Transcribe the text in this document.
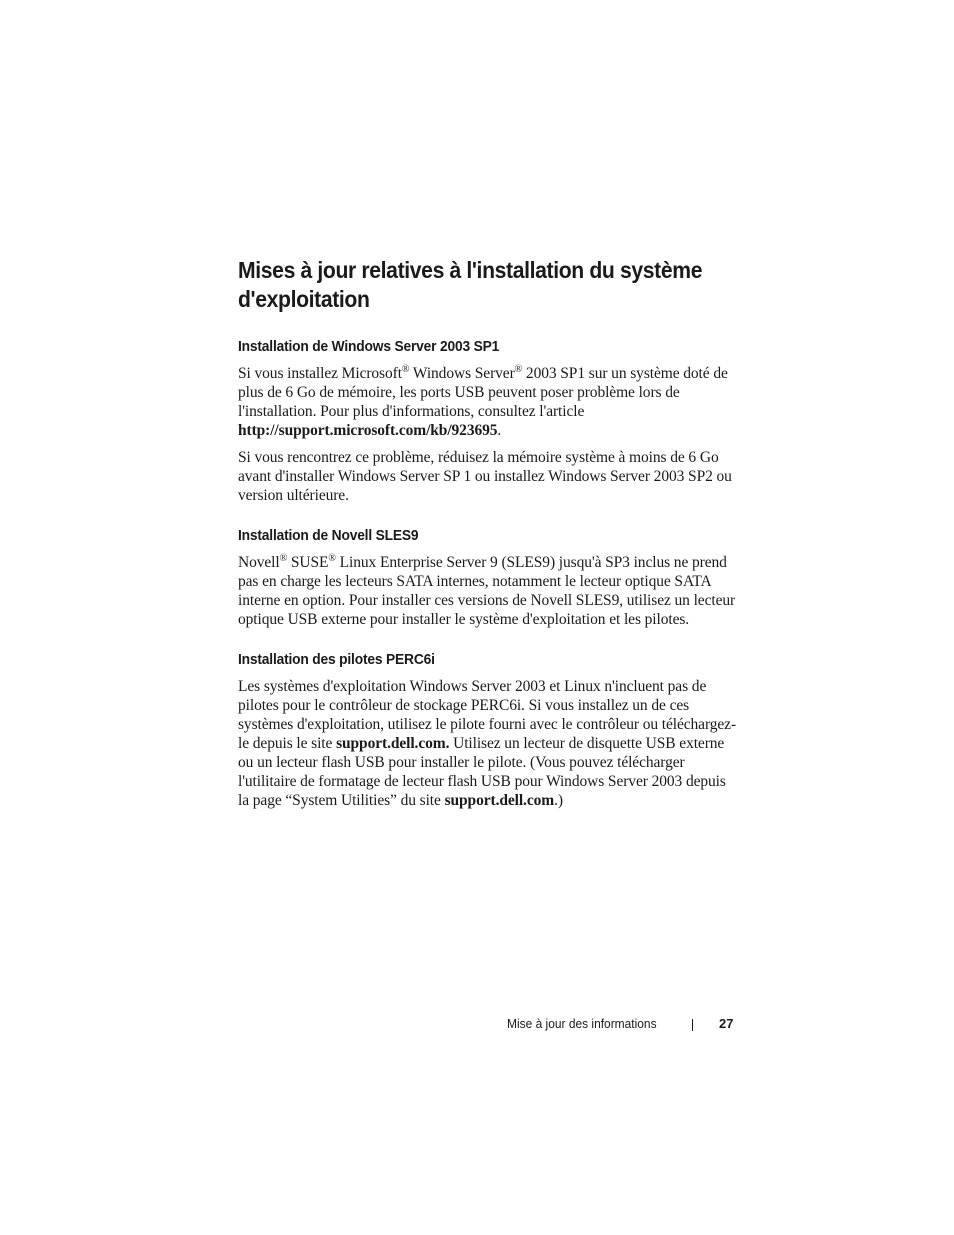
Mises à jour relatives à l'installation du système d'exploitation
Installation de Windows Server 2003 SP1

Si vous installez Microsoft® Windows Server® 2003 SP1 sur un système doté de plus de 6 Go de mémoire, les ports USB peuvent poser problème lors de l'installation. Pour plus d'informations, consultez l'article http://support.microsoft.com/kb/923695.

Si vous rencontrez ce problème, réduisez la mémoire système à moins de 6 Go avant d'installer Windows Server SP 1 ou installez Windows Server 2003 SP2 ou version ultérieure.

Installation de Novell SLES9

Novell® SUSE® Linux Enterprise Server 9 (SLES9) jusqu'à SP3 inclus ne prend pas en charge les lecteurs SATA internes, notamment le lecteur optique SATA interne en option. Pour installer ces versions de Novell SLES9, utilisez un lecteur optique USB externe pour installer le système d'exploitation et les pilotes.

Installation des pilotes PERC6i

Les systèmes d'exploitation Windows Server 2003 et Linux n'incluent pas de pilotes pour le contrôleur de stockage PERC6i. Si vous installez un de ces systèmes d'exploitation, utilisez le pilote fourni avec le contrôleur ou téléchargez-le depuis le site support.dell.com. Utilisez un lecteur de disquette USB externe ou un lecteur flash USB pour installer le pilote. (Vous pouvez télécharger l'utilitaire de formatage de lecteur flash USB pour Windows Server 2003 depuis la page “System Utilities” du site support.dell.com.)

Mise à jour des informations	27
